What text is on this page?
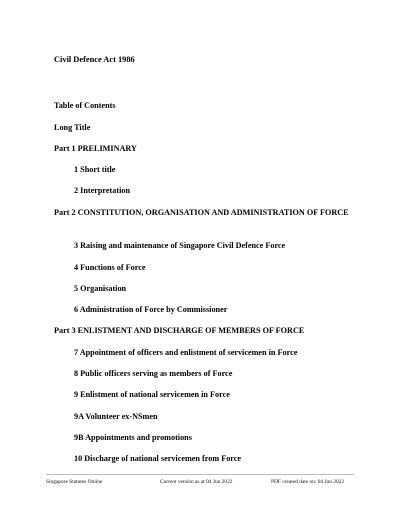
Civil Defence Act 1986
Table of Contents
Long Title
Part 1 PRELIMINARY
1 Short title
2 Interpretation
Part 2 CONSTITUTION, ORGANISATION AND ADMINISTRATION OF FORCE
3 Raising and maintenance of Singapore Civil Defence Force
4 Functions of Force
5 Organisation
6 Administration of Force by Commissioner
Part 3 ENLISTMENT AND DISCHARGE OF MEMBERS OF FORCE
7 Appointment of officers and enlistment of servicemen in Force
8 Public officers serving as members of Force
9 Enlistment of national servicemen in Force
9A Volunteer ex-NSmen
9B Appointments and promotions
10 Discharge of national servicemen from Force
Singapore Statutes Online	Current version as at 04 Jun 2022	PDF created date on: 04 Jun 2022
